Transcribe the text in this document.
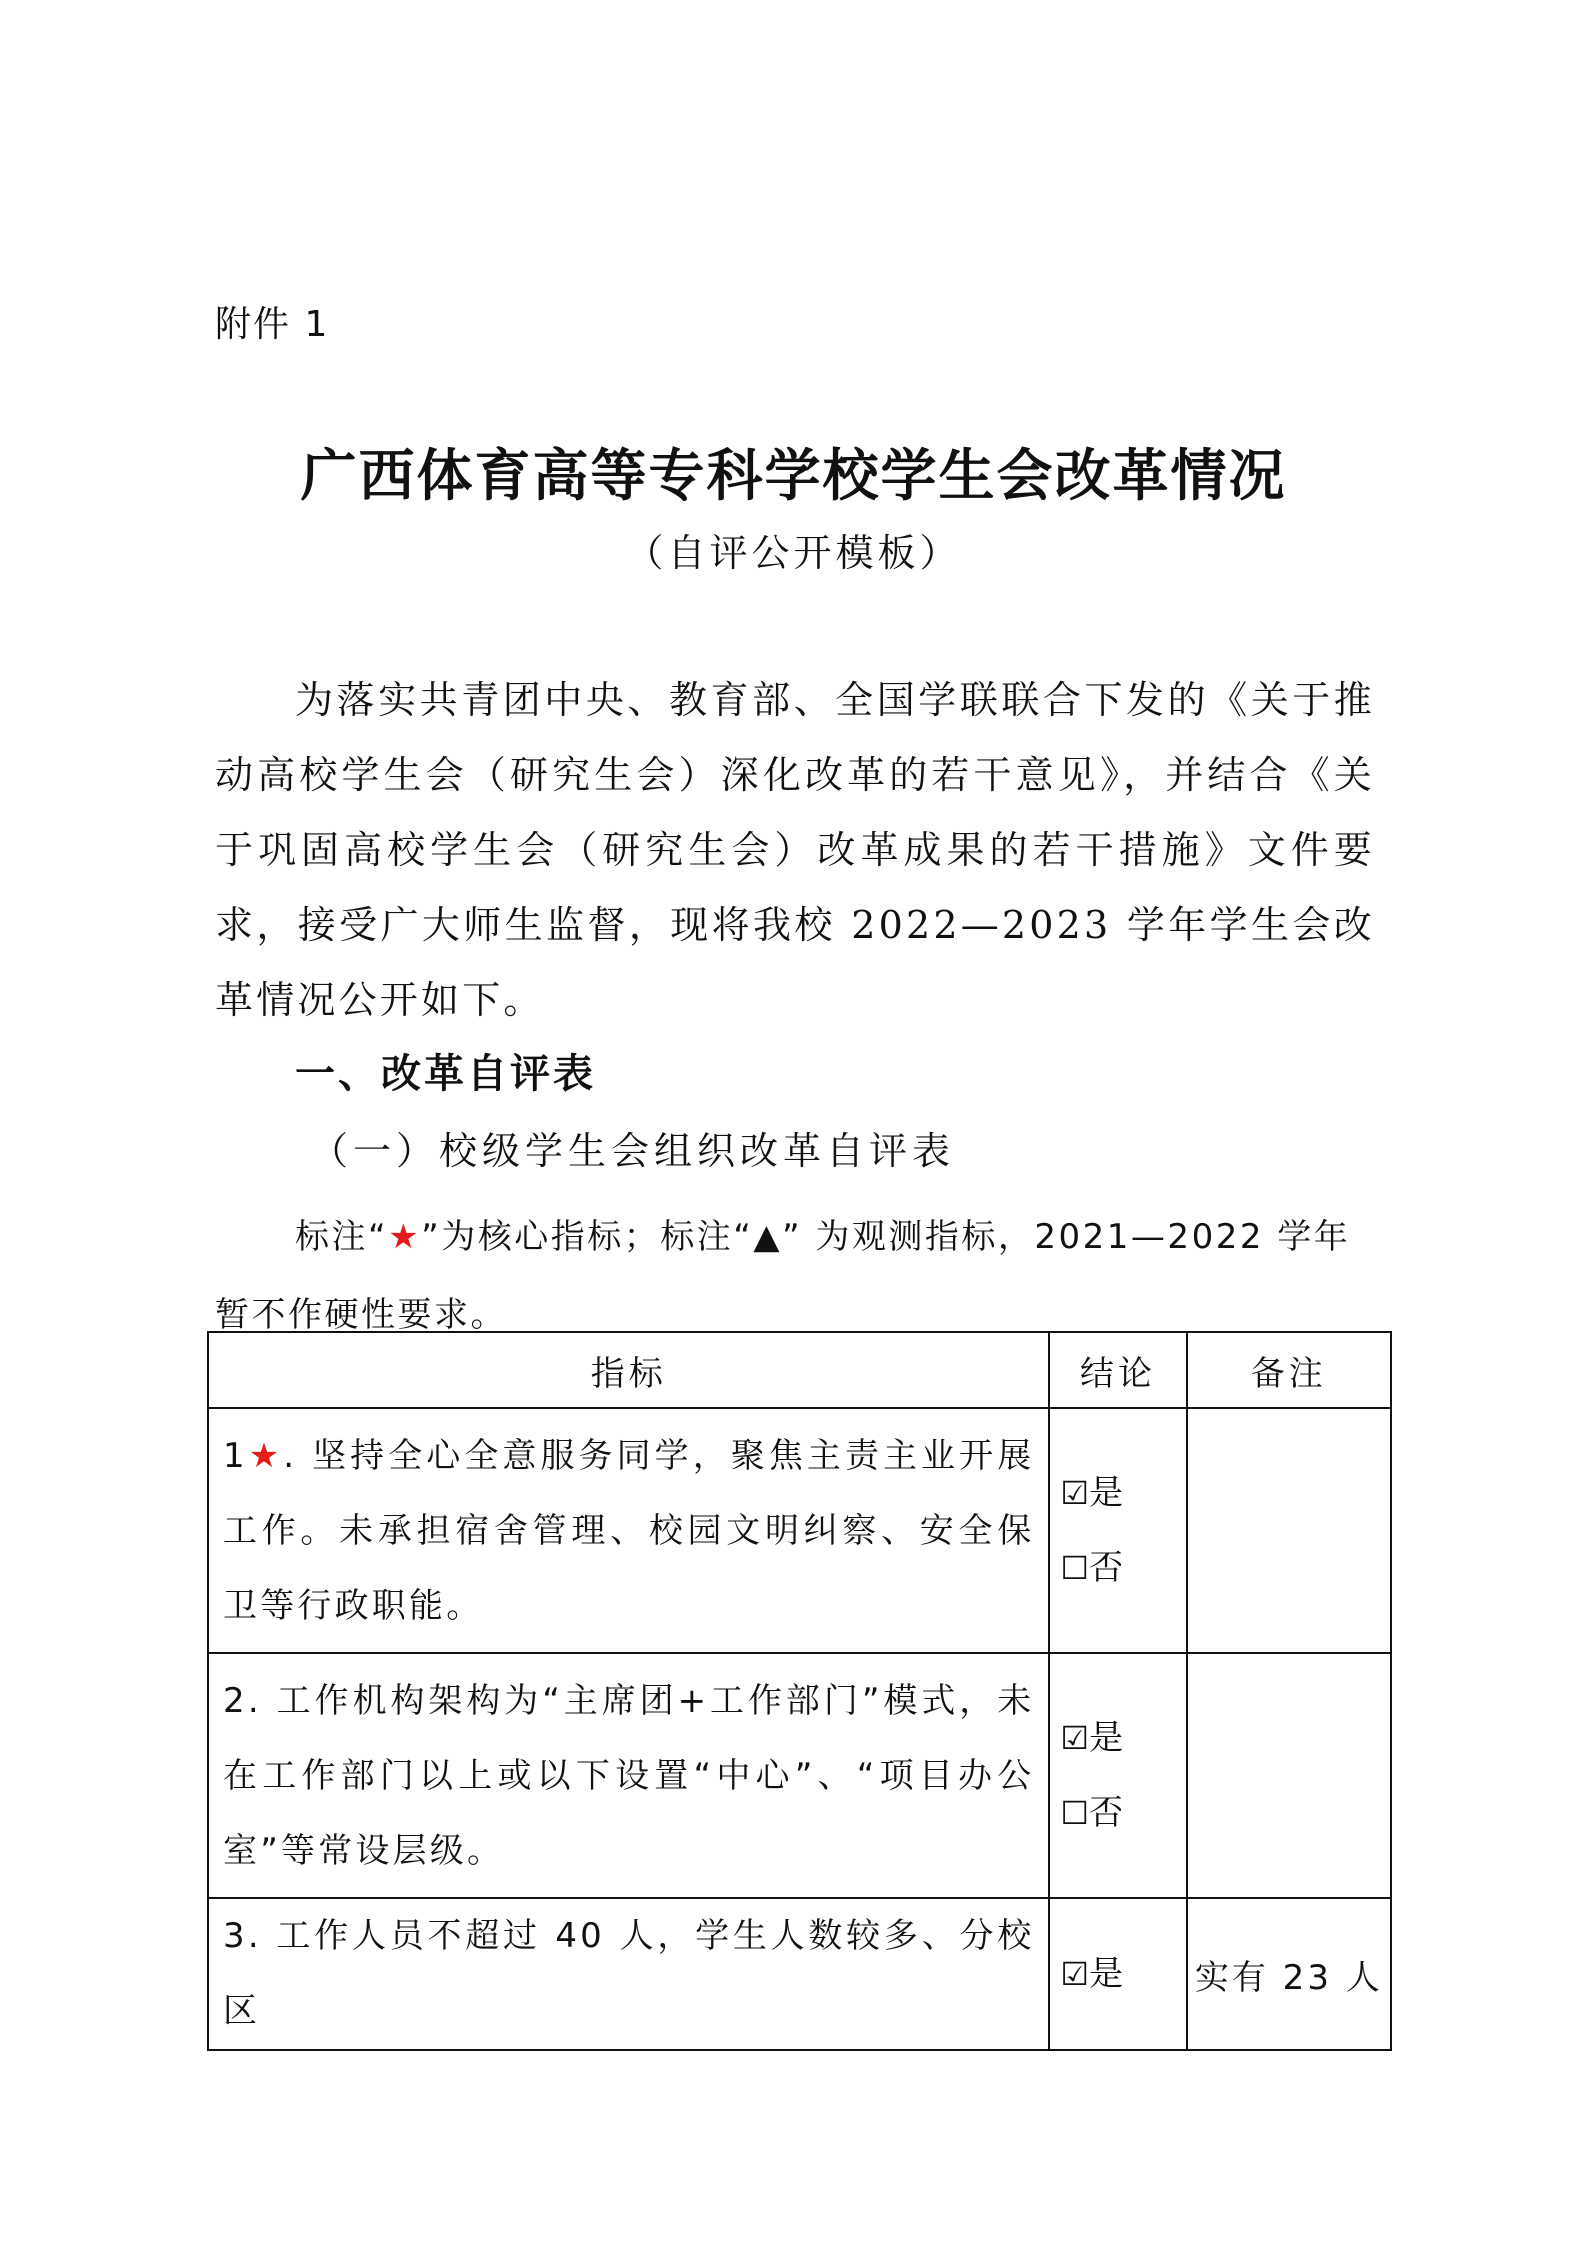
附件 1
广西体育高等专科学校学生会改革情况
（自评公开模板）

为落实共青团中央、教育部、全国学联联合下发的《关于推动高校学生会（研究生会）深化改革的若干意见》，并结合《关于巩固高校学生会（研究生会）改革成果的若干措施》文件要求，接受广大师生监督，现将我校 2022—2023 学年学生会改革情况公开如下。

一、改革自评表
（一）校级学生会组织改革自评表

标注“★”为核心指标；标注“▲” 为观测指标，2021—2022 学年暂不作硬性要求。

指标	结论	备注
1★. 坚持全心全意服务同学，聚焦主责主业开展工作。未承担宿舍管理、校园文明纠察、安全保卫等行政职能。	☑是
☐否	

2. 工作机构架构为“主席团+工作部门”模式，未在工作部门以上或以下设置“中心”、“项目办公室”等常设层级。	☑是
☐否	

3. 工作人员不超过 40 人，学生人数较多、分校区	☑是	实有 23 人
